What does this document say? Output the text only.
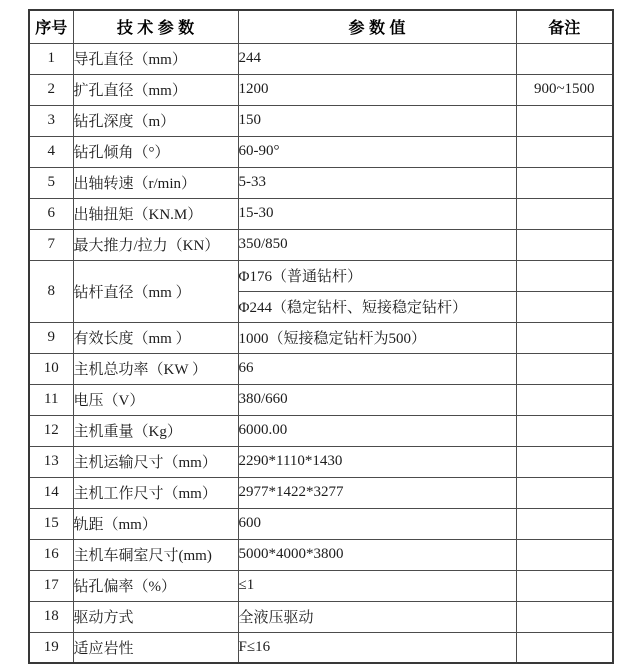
序号	技 术 参 数	参 数 值	备注
1	导孔直径（mm）	244	
2	扩孔直径（mm）	1200	900~1500
3	钻孔深度（m）	150	
4	钻孔倾角（°）	60-90°	
5	出轴转速（r/min）	5-33	
6	出轴扭矩（KN.M）	15-30	
7	最大推力/拉力（KN）	350/850	
8	钻杆直径（mm ）	Φ176（普通钻杆）	
		Φ244（稳定钻杆、短接稳定钻杆）	
9	有效长度（mm ）	1000（短接稳定钻杆为500）	
10	主机总功率（KW ）	66	
11	电压（V）	380/660	
12	主机重量（Kg）	6000.00	
13	主机运输尺寸（mm）	2290*1110*1430	
14	主机工作尺寸（mm）	2977*1422*3277	
15	轨距（mm）	600	
16	主机车硐室尺寸(mm)	5000*4000*3800	
17	钻孔偏率（%）	≤1	
18	驱动方式	全液压驱动	
19	适应岩性	F≤16	
